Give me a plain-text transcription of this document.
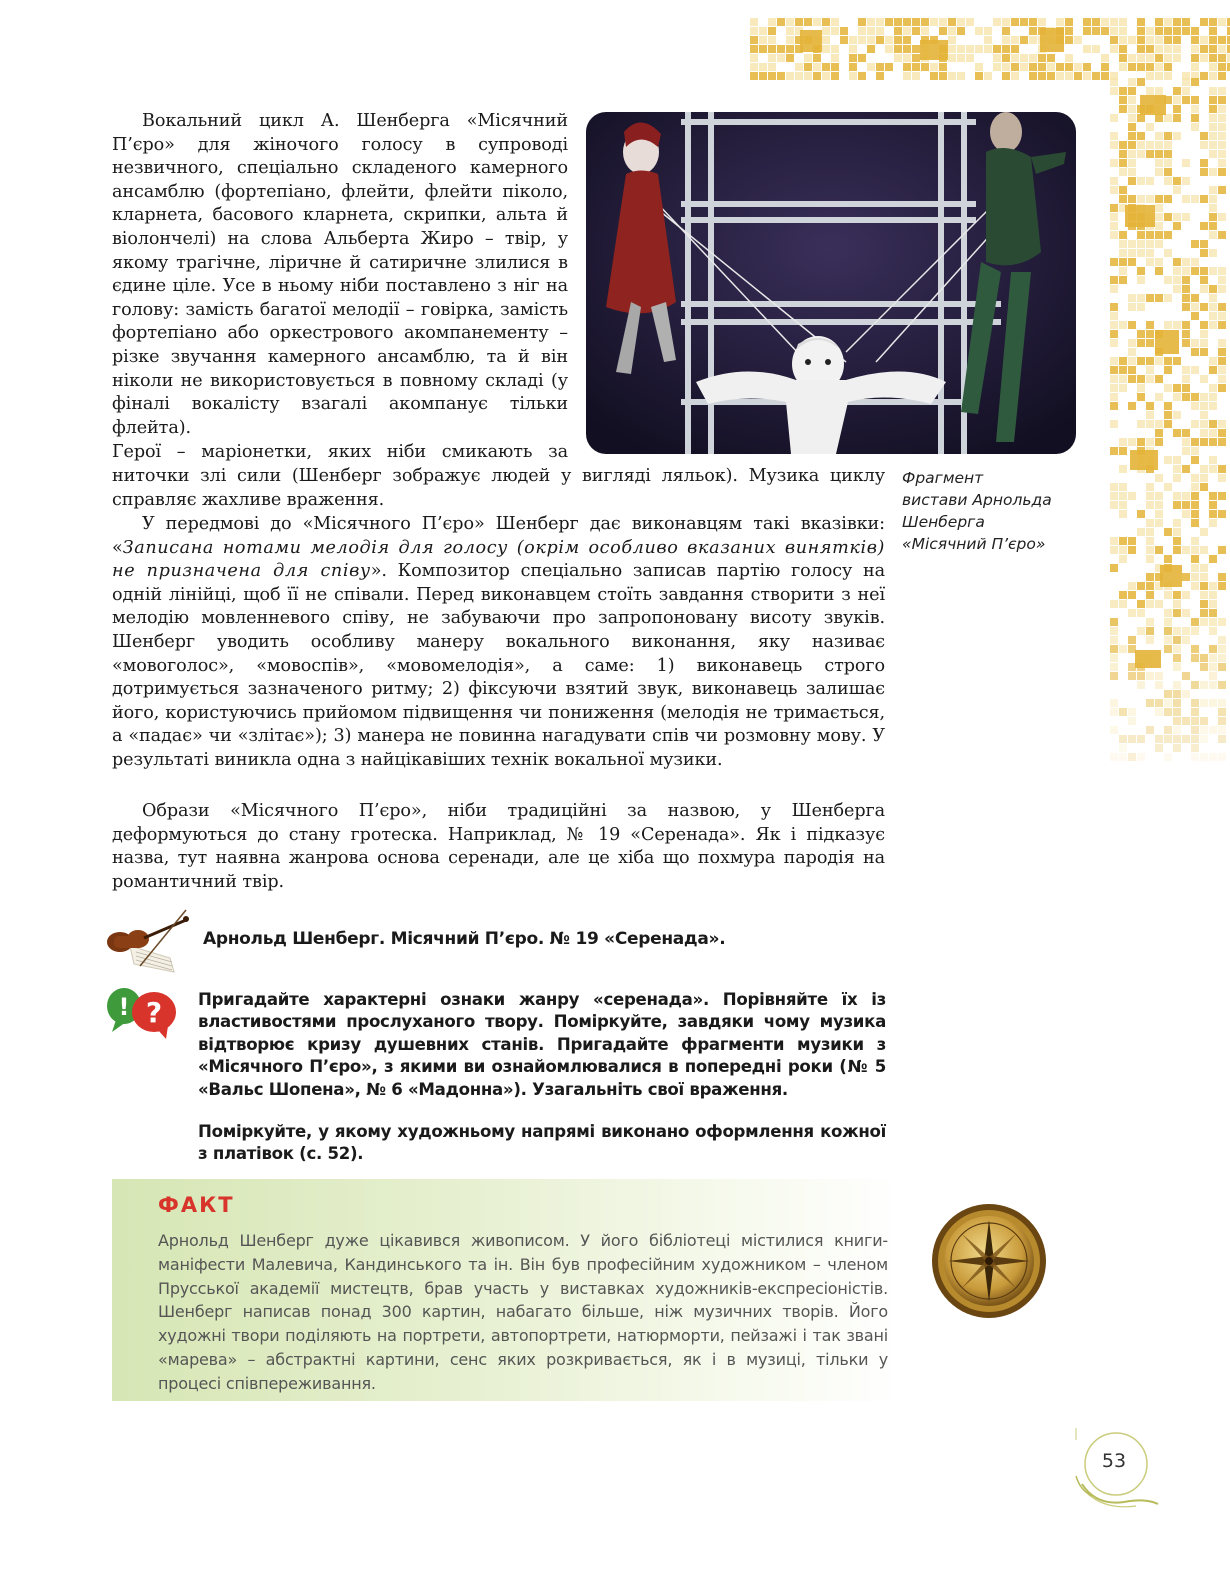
Вокальний цикл А. Шенберга «Місячний П’єро» для жіночого голосу в супроводі незвичного, спеціально складеного камерного ансамблю (фортепіано, флейти, флейти піколо, кларнета, басового кларнета, скрипки, альта й віолончелі) на слова Альберта Жиро – твір, у якому трагічне, ліричне й сатиричне злилися в єдине ціле. Усе в ньому ніби поставлено з ніг на голову: замість багатої мелодії – говірка, замість фортепіано або оркестрового акомпанементу – різке звучання камерного ансамблю, та й він ніколи не використовується в повному складі (у фіналі вокалісту взагалі акомпанує тільки флейта).

Герої – маріонетки, яких ніби смикають за

ниточки злі сили (Шенберг зображує людей у вигляді ляльок). Музика циклу справляє жахливе враження.

Фрагмент
вистави Арнольда
Шенберга
«Місячний П’єро»

У передмові до «Місячного П’єро» Шенберг дає виконавцям такі вказівки: «Записана нотами мелодія для голосу (окрім особливо вказаних винятків) не призначена для співу». Композитор спеціально записав партію голосу на одній лінійці, щоб її не співали. Перед виконавцем стоїть завдання створити з неї мелодію мовленневого співу, не забуваючи про запропоновану висоту звуків. Шенберг уводить особливу манеру вокального виконання, яку називає «мовоголос», «мовоспів», «мовомелодія», а саме: 1) виконавець строго дотримується зазначеного ритму; 2) фіксуючи взятий звук, виконавець залишає його, користуючись прийомом підвищення чи пониження (мелодія не тримається, а «падає» чи «злітає»); 3) манера не повинна нагадувати спів чи розмовну мову. У результаті виникла одна з найцікавіших технік вокальної музики.

Образи «Місячного П’єро», ніби традиційні за назвою, у Шенберга деформуються до стану гротеска. Наприклад, № 19 «Серенада». Як і підказує назва, тут наявна жанрова основа серенади, але це хіба що похмура пародія на романтичний твір.

Арнольд Шенберг. Місячний П’єро. № 19 «Серенада».
! ? Пригадайте характерні ознаки жанру «серенада». Порівняйте їх із властивостями прослуханого твору. Поміркуйте, завдяки чому музика відтворює кризу душевних станів. Пригадайте фрагменти музики з «Місячного П’єро», з якими ви ознайомлювалися в попередні роки (№ 5 «Вальс Шопена», № 6 «Мадонна»). Узагальніть свої враження.

Поміркуйте, у якому художньому напрямі виконано оформлення кожної з платівок (с. 52).

ФАКТ

Арнольд Шенберг дуже цікавився живописом. У його бібліотеці містилися книги-маніфести Малевича, Кандинського та ін. Він був професійним художником – членом Прусської академії мистецтв, брав участь у виставках художників-експресіоністів. Шенберг написав понад 300 картин, набагато більше, ніж музичних творів. Його художні твори поділяють на портрети, автопортрети, натюрморти, пейзажі і так звані «марева» – абстрактні картини, сенс яких розкривається, як і в музиці, тільки у процесі співпереживання.

53
